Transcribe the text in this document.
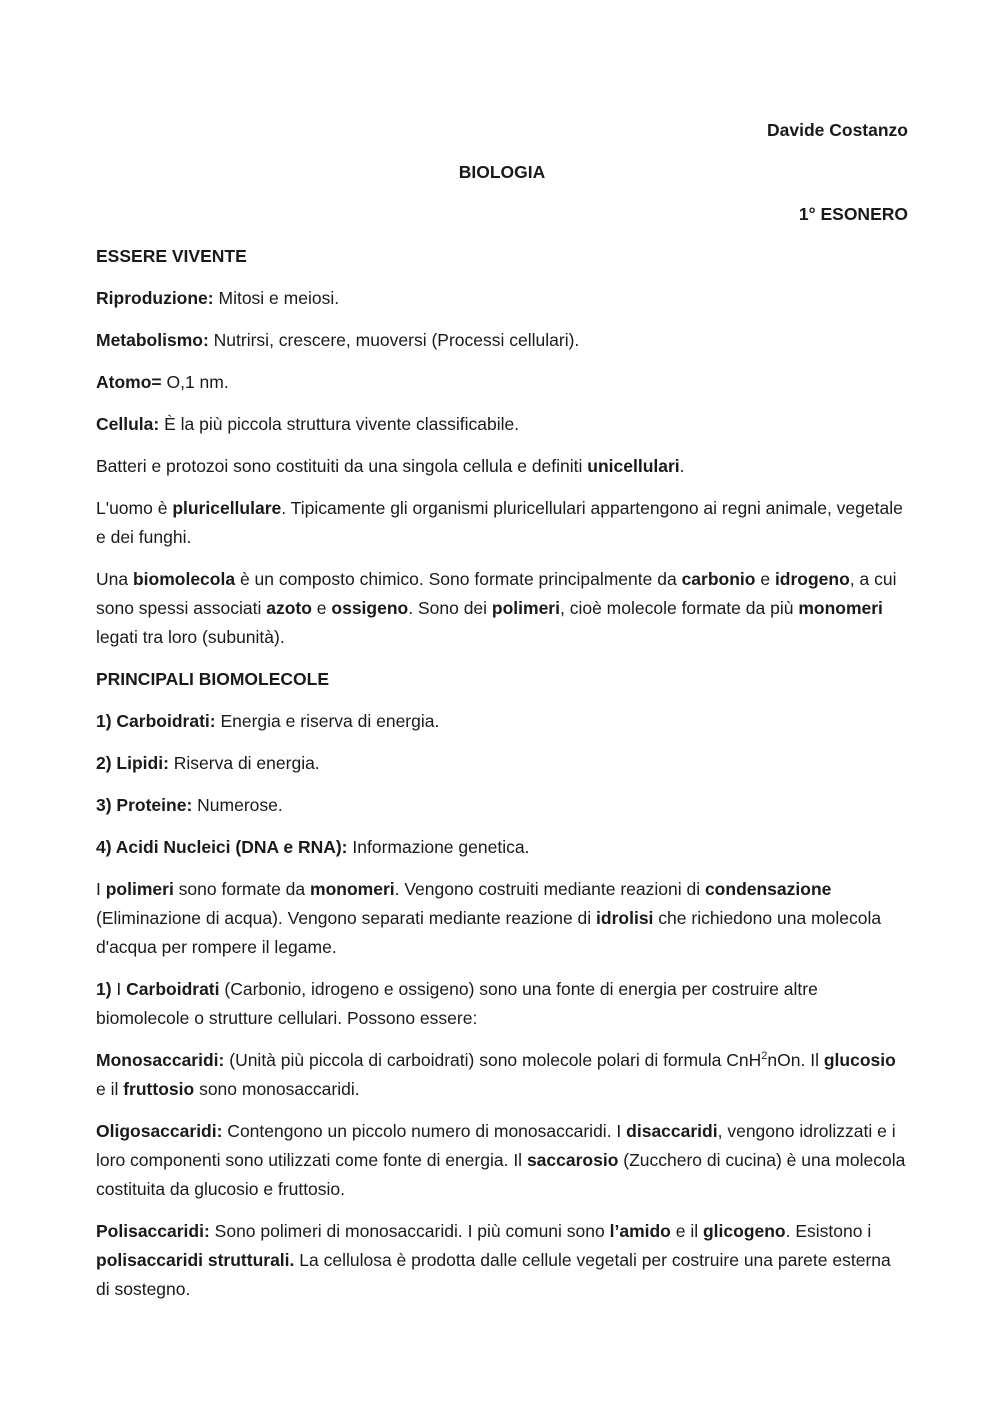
Davide Costanzo

BIOLOGIA

1° ESONERO

ESSERE VIVENTE

Riproduzione: Mitosi e meiosi.

Metabolismo: Nutrirsi, crescere, muoversi (Processi cellulari).

Atomo= O,1 nm.

Cellula: È la più piccola struttura vivente classificabile.

Batteri e protozoi sono costituiti da una singola cellula e definiti unicellulari.

L'uomo è pluricellulare. Tipicamente gli organismi pluricellulari appartengono ai regni animale, vegetale e dei funghi.

Una biomolecola è un composto chimico. Sono formate principalmente da carbonio e idrogeno, a cui sono spessi associati azoto e ossigeno. Sono dei polimeri, cioè molecole formate da più monomeri legati tra loro (subunità).

PRINCIPALI BIOMOLECOLE

1) Carboidrati: Energia e riserva di energia.

2) Lipidi: Riserva di energia.

3) Proteine: Numerose.

4) Acidi Nucleici (DNA e RNA): Informazione genetica.

I polimeri sono formate da monomeri. Vengono costruiti mediante reazioni di condensazione (Eliminazione di acqua). Vengono separati mediante reazione di idrolisi che richiedono una molecola d'acqua per rompere il legame.

1) I Carboidrati (Carbonio, idrogeno e ossigeno) sono una fonte di energia per costruire altre biomolecole o strutture cellulari. Possono essere:

Monosaccaridi: (Unità più piccola di carboidrati) sono molecole polari di formula CnH$^2$nOn. Il glucosio e il fruttosio sono monosaccaridi.

Oligosaccaridi: Contengono un piccolo numero di monosaccaridi. I disaccaridi, vengono idrolizzati e i loro componenti sono utilizzati come fonte di energia. Il saccarosio (Zucchero di cucina) è una molecola costituita da glucosio e fruttosio.

Polisaccaridi: Sono polimeri di monosaccaridi. I più comuni sono l’amido e il glicogeno. Esistono i polisaccaridi strutturali. La cellulosa è prodotta dalle cellule vegetali per costruire una parete esterna di sostegno.
